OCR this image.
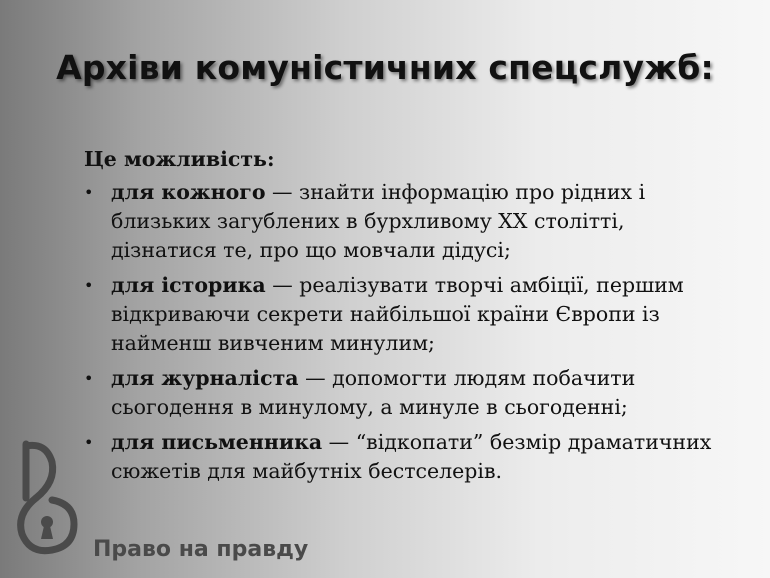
Архіви комуністичних спецслужб:
Це можливість:
• для кожного — знайти інформацію про рідних і близьких загублених в бурхливому ХХ столітті, дізнатися те, про що мовчали дідусі;
• для історика — реалізувати творчі амбіції, першим відкриваючи секрети найбільшої країни Європи із найменш вивченим минулим;
• для журналіста — допомогти людям побачити сьогодення в минулому, а минуле в сьогоденні;
• для письменника — “відкопати” безмір драматичних сюжетів для майбутніх бестселерів.
Право на правду
